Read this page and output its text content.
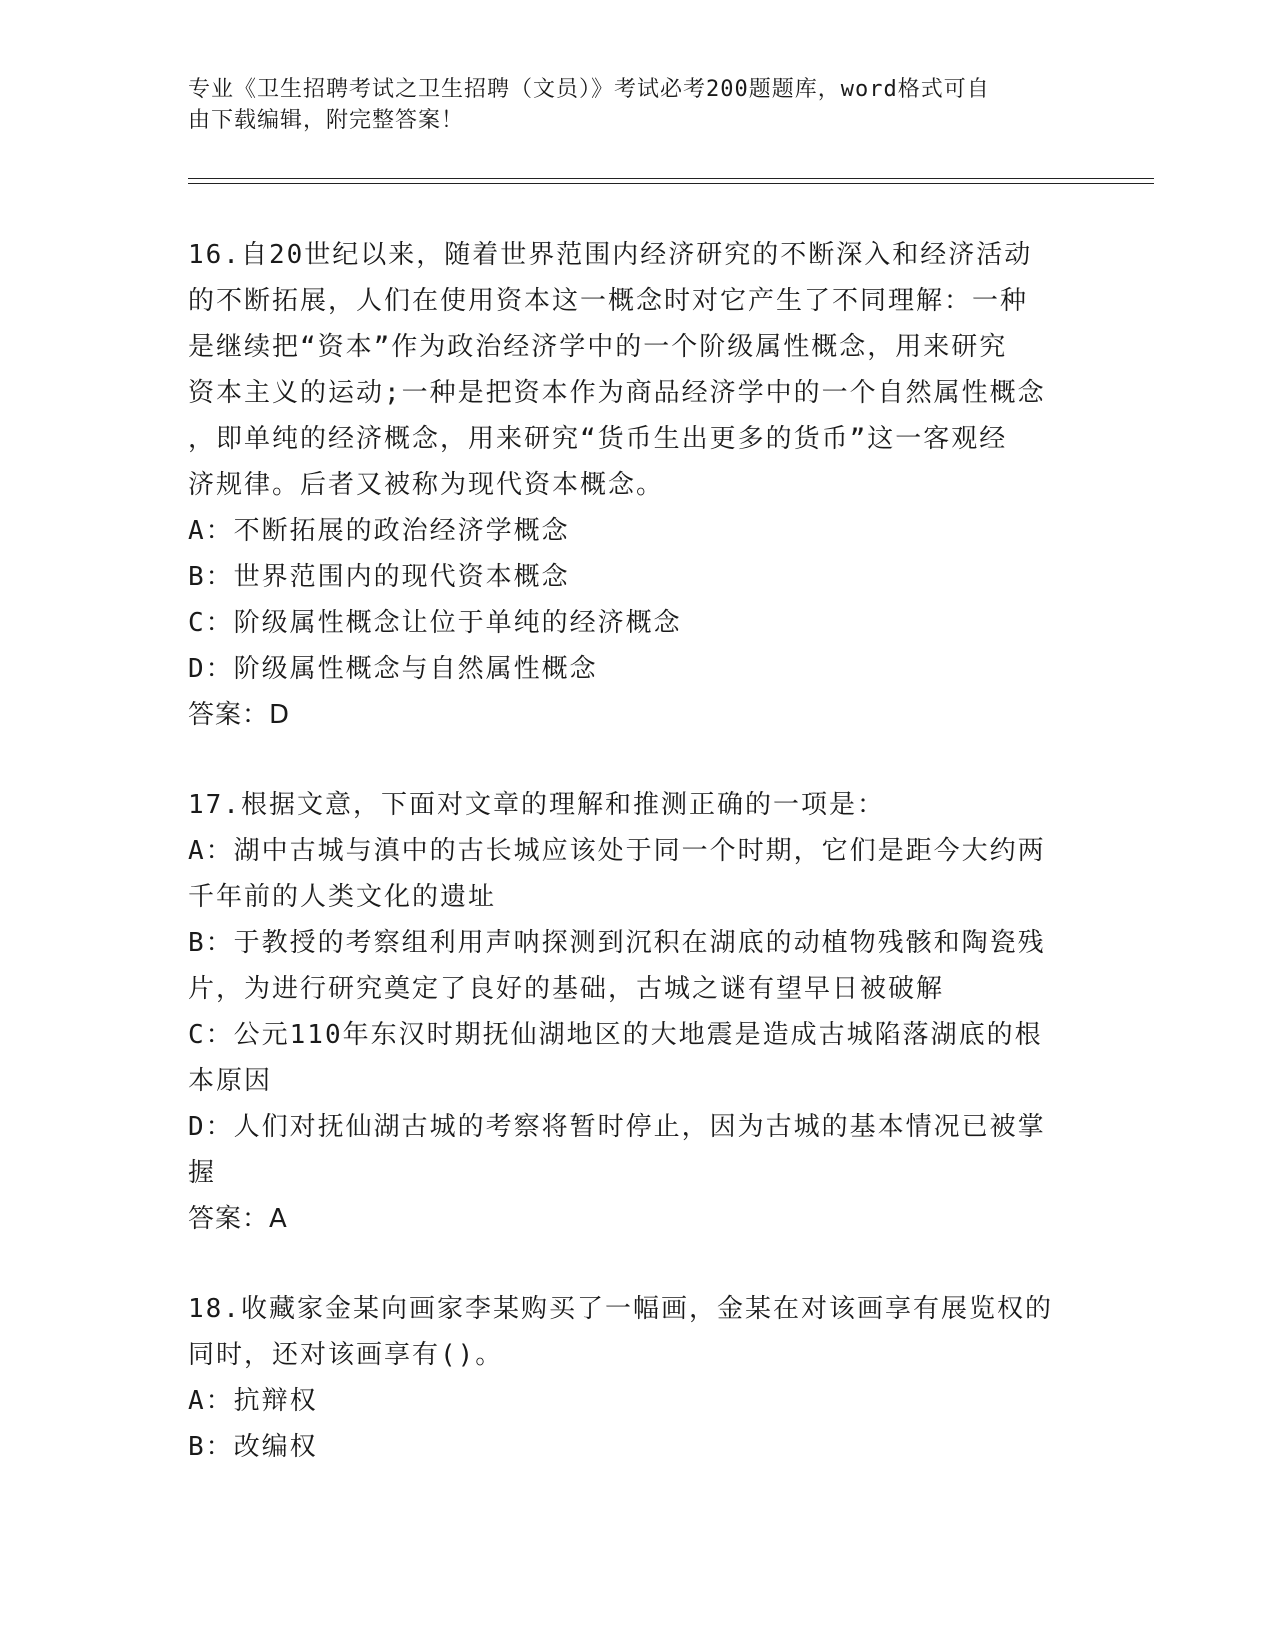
专业《卫生招聘考试之卫生招聘（文员）》考试必考200题题库，word格式可自
由下载编辑，附完整答案！
16.自20世纪以来，随着世界范围内经济研究的不断深入和经济活动
的不断拓展，人们在使用资本这一概念时对它产生了不同理解：一种
是继续把“资本”作为政治经济学中的一个阶级属性概念，用来研究
资本主义的运动;一种是把资本作为商品经济学中的一个自然属性概念
，即单纯的经济概念，用来研究“货币生出更多的货币”这一客观经
济规律。后者又被称为现代资本概念。
A：不断拓展的政治经济学概念
B：世界范围内的现代资本概念
C：阶级属性概念让位于单纯的经济概念
D：阶级属性概念与自然属性概念
答案：D
17.根据文意，下面对文章的理解和推测正确的一项是：
A：湖中古城与滇中的古长城应该处于同一个时期，它们是距今大约两
千年前的人类文化的遗址
B：于教授的考察组利用声呐探测到沉积在湖底的动植物残骸和陶瓷残
片，为进行研究奠定了良好的基础，古城之谜有望早日被破解
C：公元110年东汉时期抚仙湖地区的大地震是造成古城陷落湖底的根
本原因
D：人们对抚仙湖古城的考察将暂时停止，因为古城的基本情况已被掌
握
答案：A
18.收藏家金某向画家李某购买了一幅画，金某在对该画享有展览权的
同时，还对该画享有()。
A：抗辩权
B：改编权
